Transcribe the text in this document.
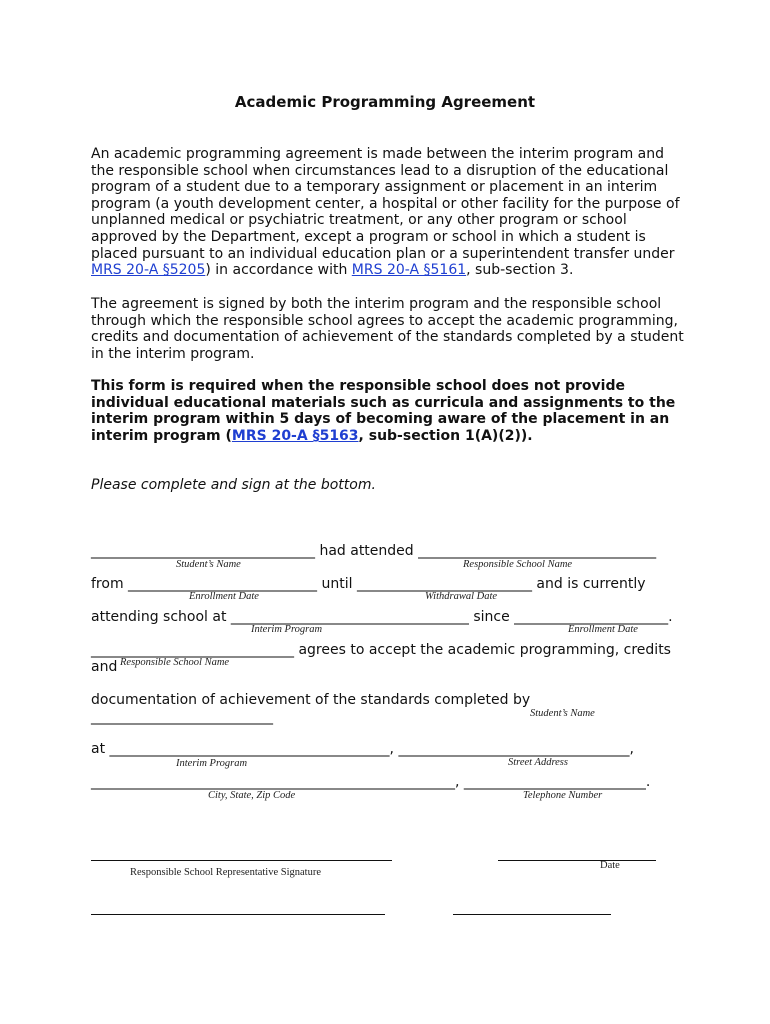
Academic Programming Agreement

An academic programming agreement is made between the interim program and the responsible school when circumstances lead to a disruption of the educational program of a student due to a temporary assignment or placement in an interim program (a youth development center, a hospital or other facility for the purpose of unplanned medical or psychiatric treatment, or any other program or school approved by the Department, except a program or school in which a student is placed pursuant to an individual education plan or a superintendent transfer under MRS 20-A §5205) in accordance with MRS 20-A §5161, sub-section 3.

The agreement is signed by both the interim program and the responsible school through which the responsible school agrees to accept the academic programming, credits and documentation of achievement of the standards completed by a student in the interim program.

This form is required when the responsible school does not provide individual educational materials such as curricula and assignments to the interim program within 5 days of becoming aware of the placement in an interim program (MRS 20-A §5163, sub-section 1(A)(2)).

Please complete and sign at the bottom.
________________________________ had attended __________________________________
Student’s Name	Responsible School Name
from ___________________________ until _________________________ and is currently
Enrollment Date	Withdrawal Date
attending school at __________________________________ since ______________________.
Interim Program	Enrollment Date
_____________________________ agrees to accept the academic programming, credits
and Responsible School Name
documentation of achievement of the standards completed by
Student’s Name
__________________________
at ________________________________________, _________________________________,
Interim Program	Street Address
____________________________________________________, __________________________.
City, State, Zip Code	Telephone Number
Responsible School Representative Signature
Date
